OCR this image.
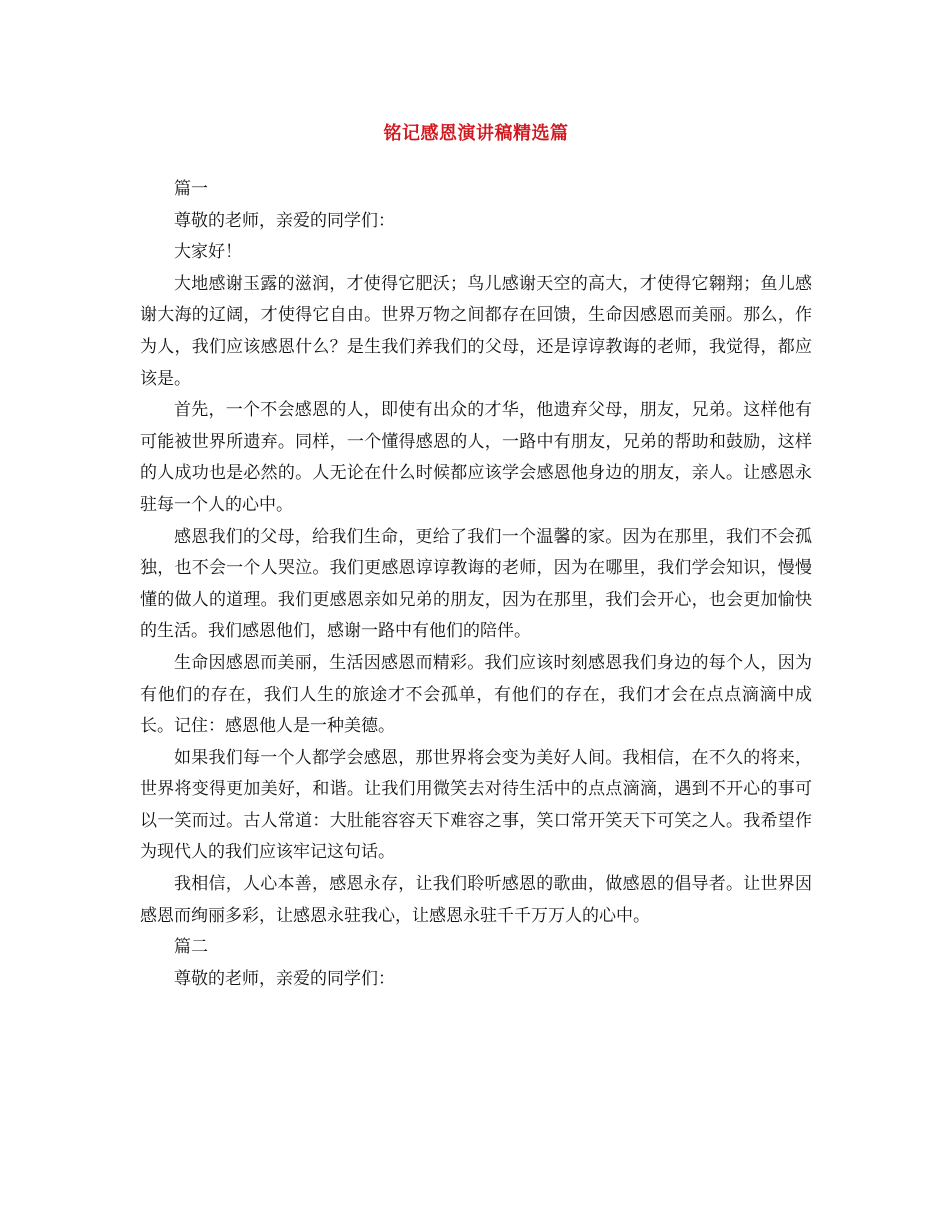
铭记感恩演讲稿精选篇

篇一

尊敬的老师，亲爱的同学们：

大家好！

大地感谢玉露的滋润，才使得它肥沃；鸟儿感谢天空的高大，才使得它翱翔；鱼儿感谢大海的辽阔，才使得它自由。世界万物之间都存在回馈，生命因感恩而美丽。那么，作为人，我们应该感恩什么？是生我们养我们的父母，还是谆谆教诲的老师，我觉得，都应该是。

首先，一个不会感恩的人，即使有出众的才华，他遗弃父母，朋友，兄弟。这样他有可能被世界所遗弃。同样，一个懂得感恩的人，一路中有朋友，兄弟的帮助和鼓励，这样的人成功也是必然的。人无论在什么时候都应该学会感恩他身边的朋友，亲人。让感恩永驻每一个人的心中。

感恩我们的父母，给我们生命，更给了我们一个温馨的家。因为在那里，我们不会孤独，也不会一个人哭泣。我们更感恩谆谆教诲的老师，因为在哪里，我们学会知识，慢慢懂的做人的道理。我们更感恩亲如兄弟的朋友，因为在那里，我们会开心，也会更加愉快的生活。我们感恩他们，感谢一路中有他们的陪伴。

生命因感恩而美丽，生活因感恩而精彩。我们应该时刻感恩我们身边的每个人，因为有他们的存在，我们人生的旅途才不会孤单，有他们的存在，我们才会在点点滴滴中成长。记住：感恩他人是一种美德。

如果我们每一个人都学会感恩，那世界将会变为美好人间。我相信，在不久的将来，世界将变得更加美好，和谐。让我们用微笑去对待生活中的点点滴滴，遇到不开心的事可以一笑而过。古人常道：大肚能容容天下难容之事，笑口常开笑天下可笑之人。我希望作为现代人的我们应该牢记这句话。

我相信，人心本善，感恩永存，让我们聆听感恩的歌曲，做感恩的倡导者。让世界因感恩而绚丽多彩，让感恩永驻我心，让感恩永驻千千万万人的心中。

篇二

尊敬的老师，亲爱的同学们：
